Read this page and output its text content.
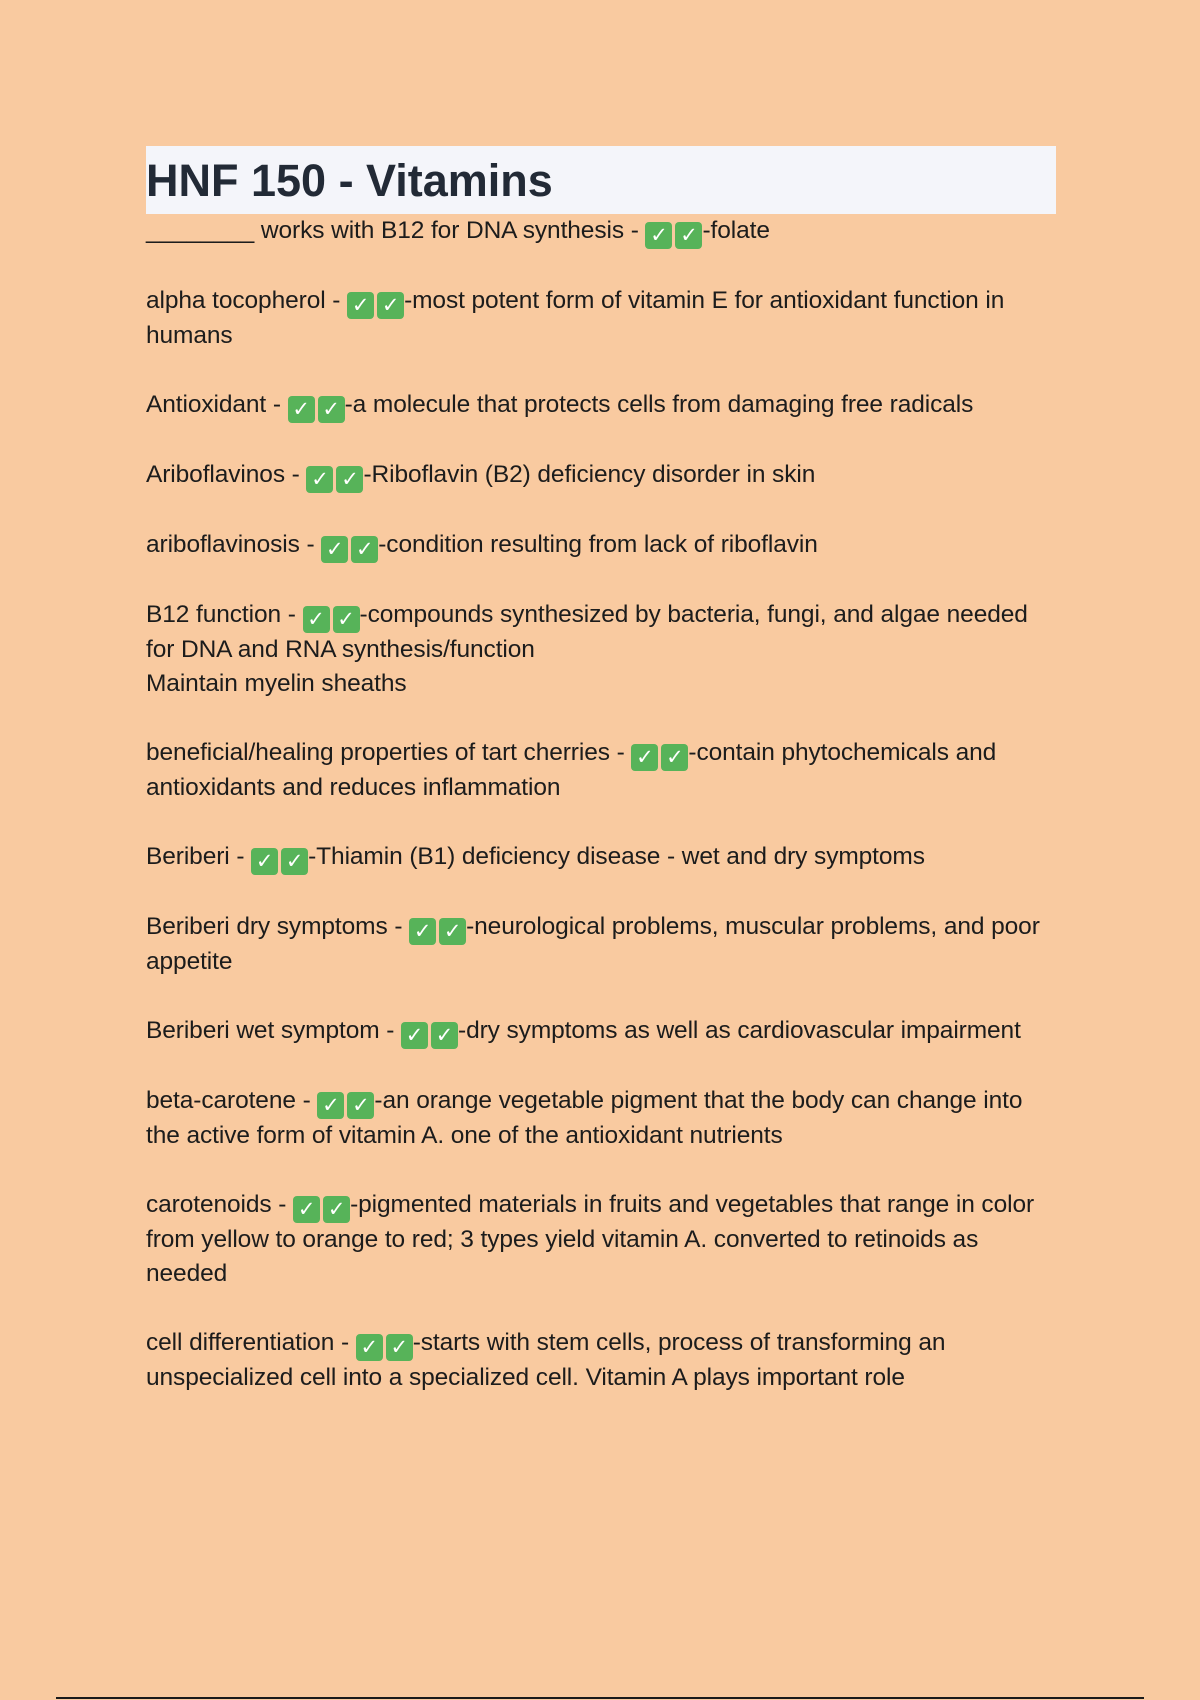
HNF 150 - Vitamins

________ works with B12 for DNA synthesis - ✓ ✓ -folate

alpha tocopherol - ✓ ✓ -most potent form of vitamin E for antioxidant function in humans

Antioxidant - ✓ ✓ -a molecule that protects cells from damaging free radicals

Ariboflavinos - ✓ ✓ -Riboflavin (B2) deficiency disorder in skin

ariboflavinosis - ✓ ✓ -condition resulting from lack of riboflavin

B12 function - ✓ ✓ -compounds synthesized by bacteria, fungi, and algae needed for DNA and RNA synthesis/function
Maintain myelin sheaths

beneficial/healing properties of tart cherries - ✓ ✓ -contain phytochemicals and antioxidants and reduces inflammation

Beriberi - ✓ ✓ -Thiamin (B1) deficiency disease - wet and dry symptoms

Beriberi dry symptoms - ✓ ✓ -neurological problems, muscular problems, and poor appetite

Beriberi wet symptom - ✓ ✓ -dry symptoms as well as cardiovascular impairment

beta-carotene - ✓ ✓ -an orange vegetable pigment that the body can change into the active form of vitamin A. one of the antioxidant nutrients

carotenoids - ✓ ✓ -pigmented materials in fruits and vegetables that range in color from yellow to orange to red; 3 types yield vitamin A. converted to retinoids as needed

cell differentiation - ✓ ✓ -starts with stem cells, process of transforming an unspecialized cell into a specialized cell. Vitamin A plays important role
